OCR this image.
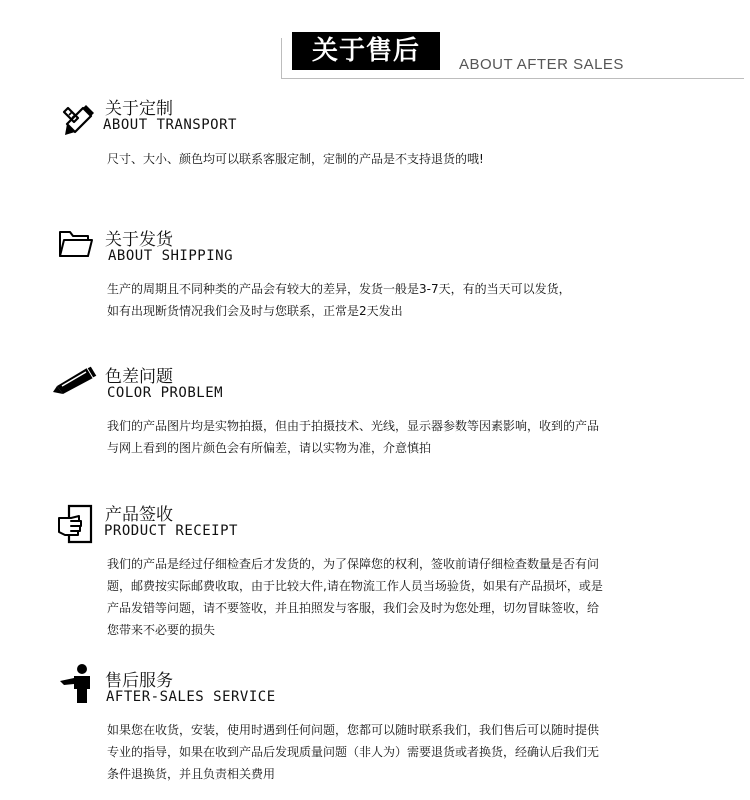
关于售后	ABOUT AFTER SALES
关于定制
ABOUT TRANSPORT

尺寸、大小、颜色均可以联系客服定制，定制的产品是不支持退货的哦!

关于发货
ABOUT SHIPPING

生产的周期且不同种类的产品会有较大的差异，发货一般是3-7天，有的当天可以发货，

如有出现断货情况我们会及时与您联系，正常是2天发出

色差问题
COLOR PROBLEM

我们的产品图片均是实物拍摄，但由于拍摄技术、光线，显示器参数等因素影响，收到的产品

与网上看到的图片颜色会有所偏差，请以实物为准，介意慎拍

产品签收
PRODUCT RECEIPT

我们的产品是经过仔细检查后才发货的，为了保障您的权利，签收前请仔细检查数量是否有问

题，邮费按实际邮费收取，由于比较大件,请在物流工作人员当场验货，如果有产品损坏，或是

产品发错等问题，请不要签收，并且拍照发与客服，我们会及时为您处理，切勿冒昧签收，给

您带来不必要的损失

售后服务
AFTER-SALES SERVICE

如果您在收货，安装，使用时遇到任何问题，您都可以随时联系我们，我们售后可以随时提供

专业的指导，如果在收到产品后发现质量问题（非人为）需要退货或者换货，经确认后我们无

条件退换货，并且负责相关费用
